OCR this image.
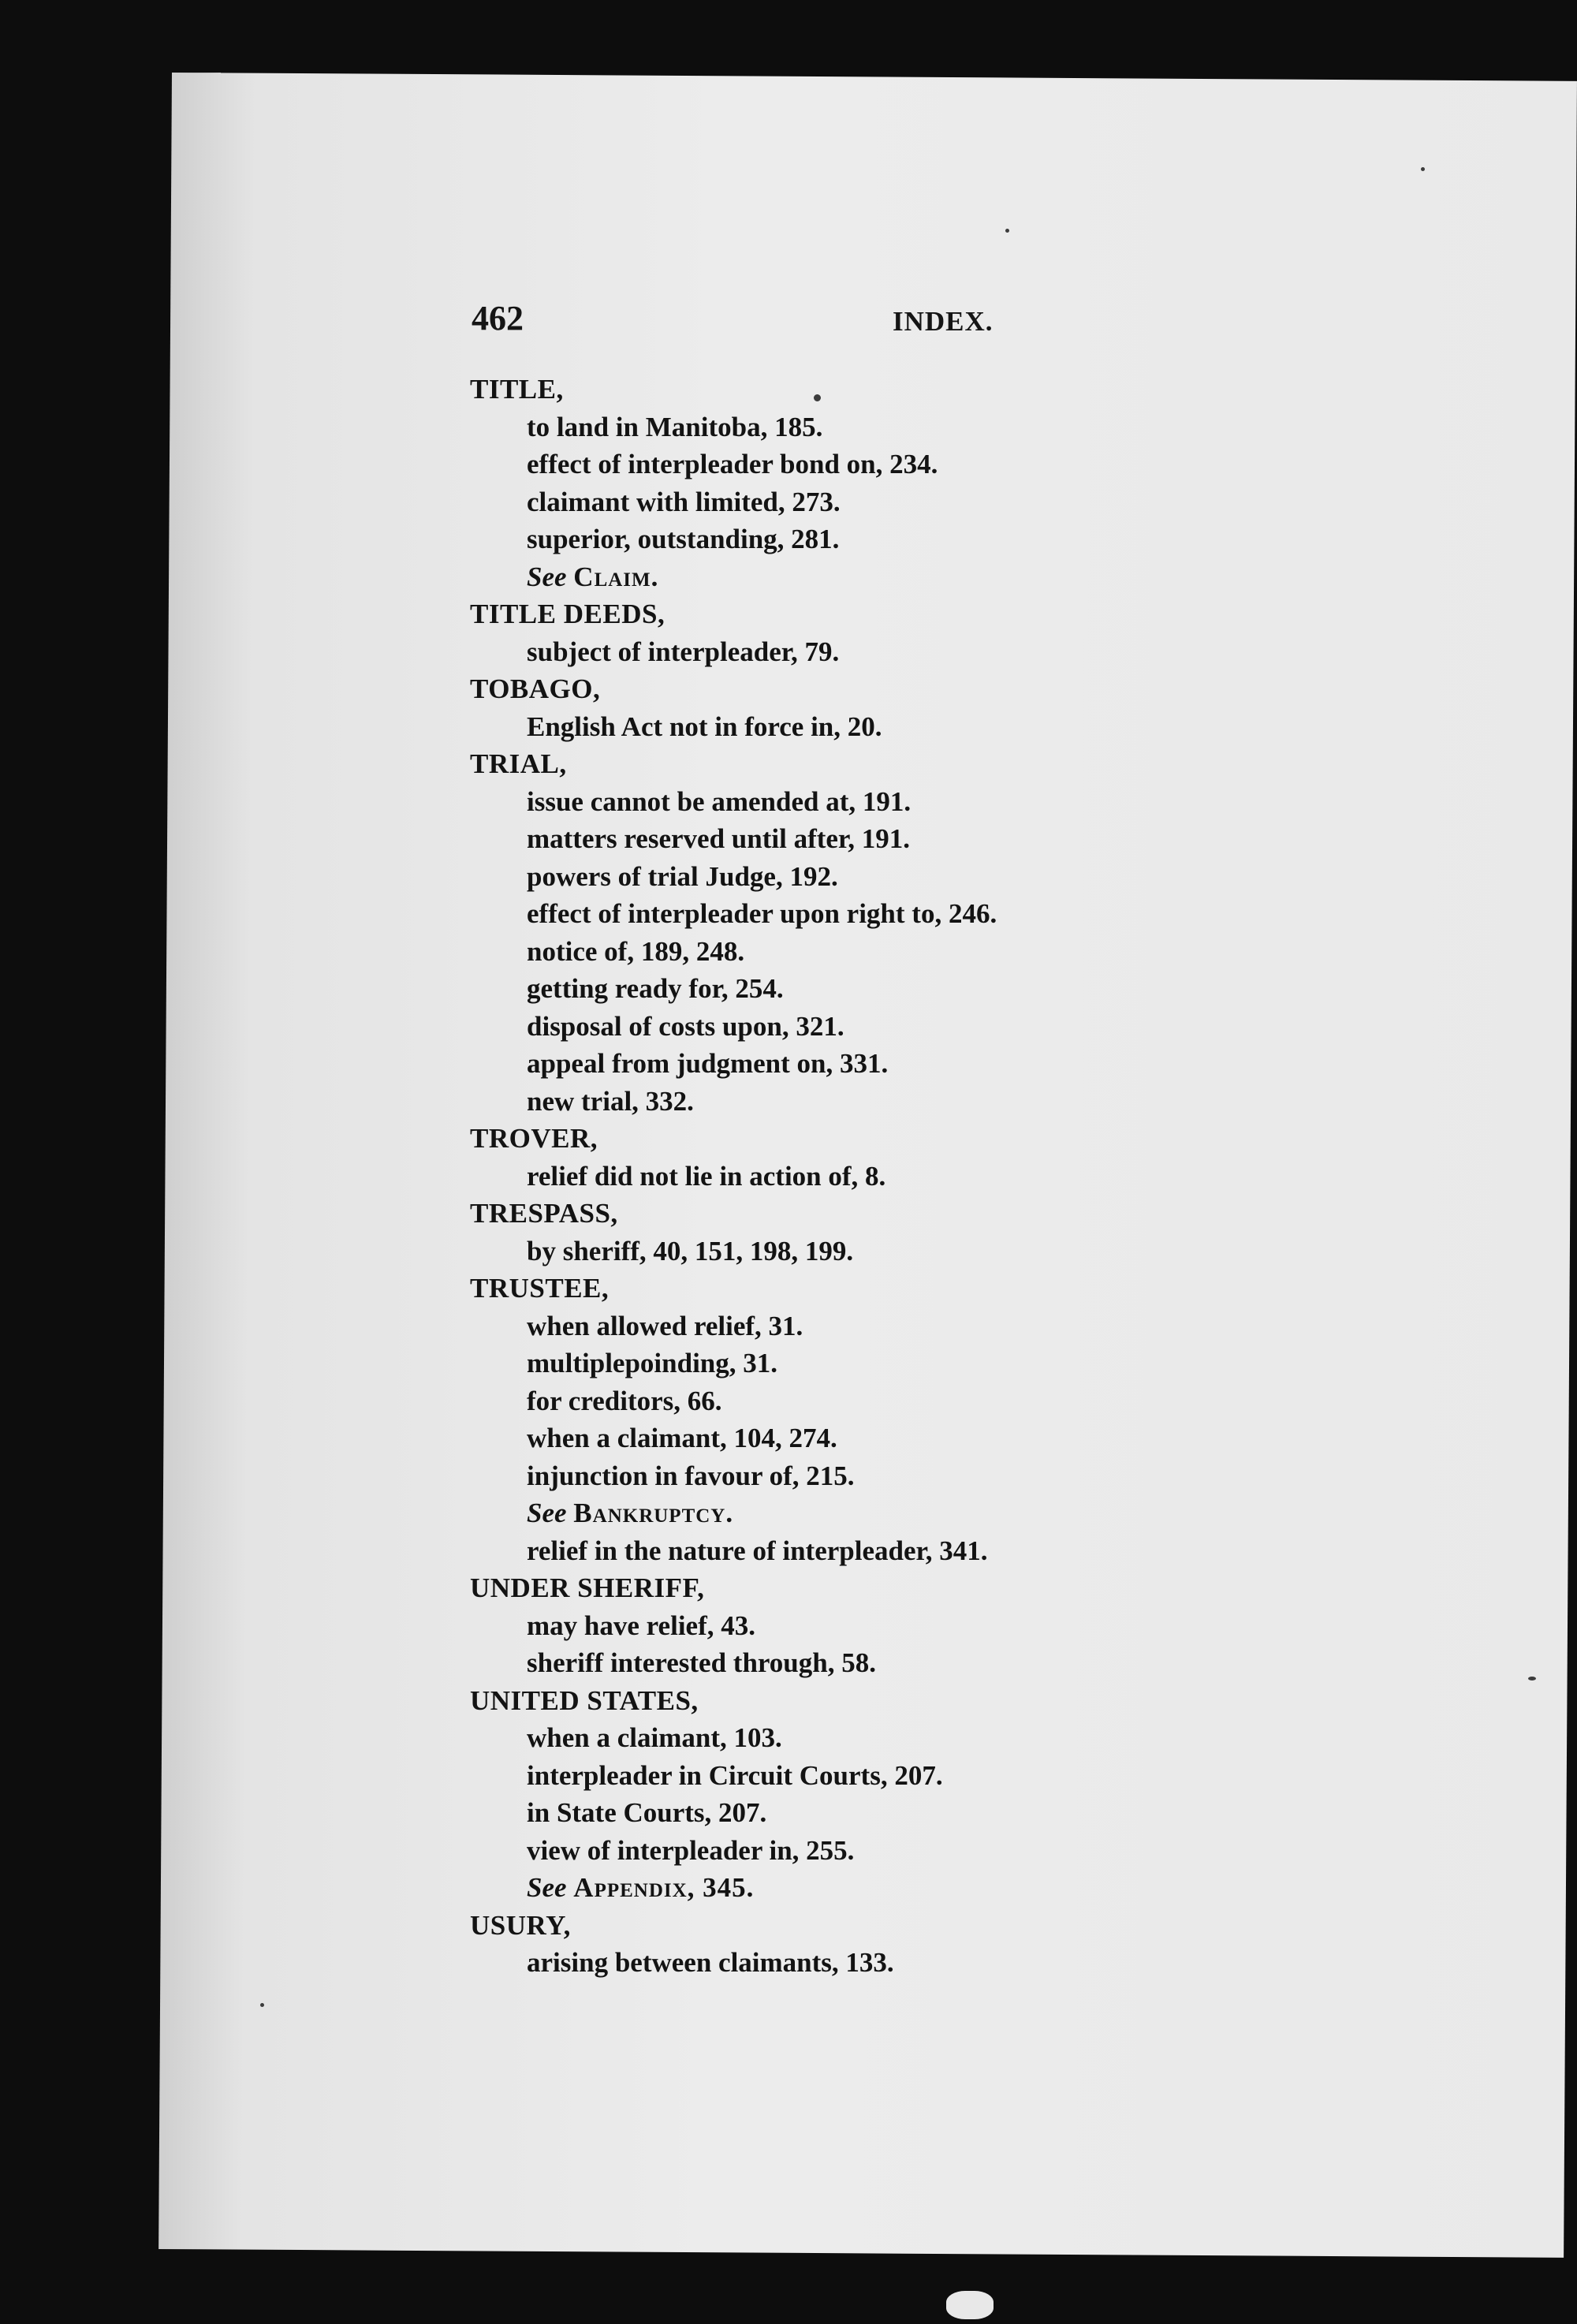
462	INDEX.
TITLE,
to land in Manitoba, 185.
effect of interpleader bond on, 234.
claimant with limited, 273.
superior, outstanding, 281.
See Claim.
TITLE DEEDS,
subject of interpleader, 79.
TOBAGO,
English Act not in force in, 20.
TRIAL,
issue cannot be amended at, 191.
matters reserved until after, 191.
powers of trial Judge, 192.
effect of interpleader upon right to, 246.
notice of, 189, 248.
getting ready for, 254.
disposal of costs upon, 321.
appeal from judgment on, 331.
new trial, 332.
TROVER,
relief did not lie in action of, 8.
TRESPASS,
by sheriff, 40, 151, 198, 199.
TRUSTEE,
when allowed relief, 31.
multiplepoinding, 31.
for creditors, 66.
when a claimant, 104, 274.
injunction in favour of, 215.
See Bankruptcy.
relief in the nature of interpleader, 341.
UNDER SHERIFF,
may have relief, 43.
sheriff interested through, 58.
UNITED STATES,
when a claimant, 103.
interpleader in Circuit Courts, 207.
in State Courts, 207.
view of interpleader in, 255.
See Appendix, 345.
USURY,
arising between claimants, 133.
